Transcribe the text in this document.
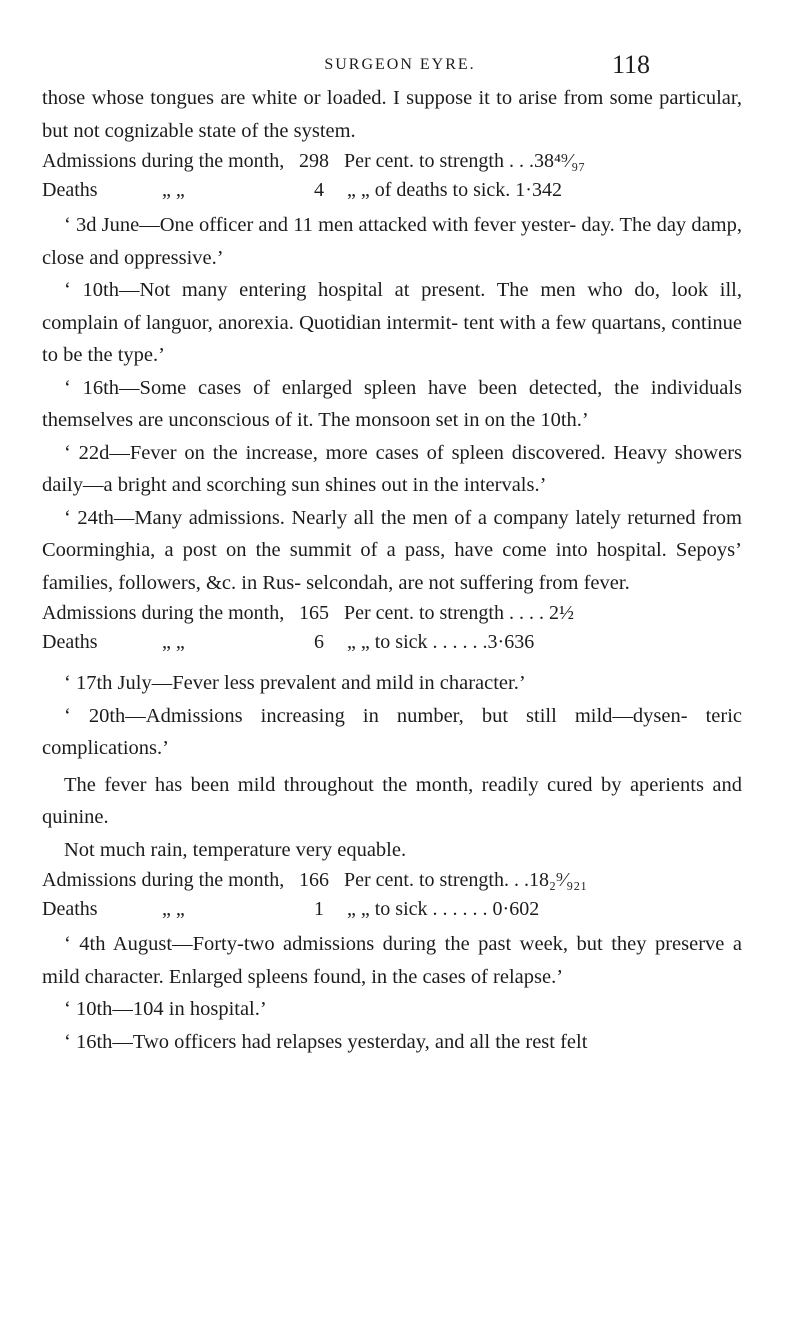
SURGEON EYRE.	118

those whose tongues are white or loaded. I suppose it to arise from some particular, but not cognizable state of the system.

Admissions during the month, 298 Per cent. to strength . . .38⁴⁹⁄₉₇
Deaths	„ „	4 „ „ of deaths to sick. 1·342

‘ 3d June—One officer and 11 men attacked with fever yester- day. The day damp, close and oppressive.’

‘ 10th—Not many entering hospital at present. The men who do, look ill, complain of languor, anorexia. Quotidian intermit- tent with a few quartans, continue to be the type.’

‘ 16th—Some cases of enlarged spleen have been detected, the individuals themselves are unconscious of it. The monsoon set in on the 10th.’

‘ 22d—Fever on the increase, more cases of spleen discovered. Heavy showers daily—a bright and scorching sun shines out in the intervals.’

‘ 24th—Many admissions. Nearly all the men of a company lately returned from Coorminghia, a post on the summit of a pass, have come into hospital. Sepoys’ families, followers, &c. in Rus- selcondah, are not suffering from fever.

Admissions during the month, 165 Per cent. to strength . . . . 2½
Deaths	„ „	6 „ „ to sick . . . . . .3·636

‘ 17th July—Fever less prevalent and mild in character.’

‘ 20th—Admissions increasing in number, but still mild—dysen- teric complications.’

The fever has been mild throughout the month, readily cured by aperients and quinine.

Not much rain, temperature very equable.

Admissions during the month, 166 Per cent. to strength. . .18₂⁹⁄₉₂₁
Deaths	„ „	1 „ „ to sick . . . . . . 0·602

‘ 4th August—Forty-two admissions during the past week, but they preserve a mild character. Enlarged spleens found, in the cases of relapse.’

‘ 10th—104 in hospital.’

‘ 16th—Two officers had relapses yesterday, and all the rest felt
